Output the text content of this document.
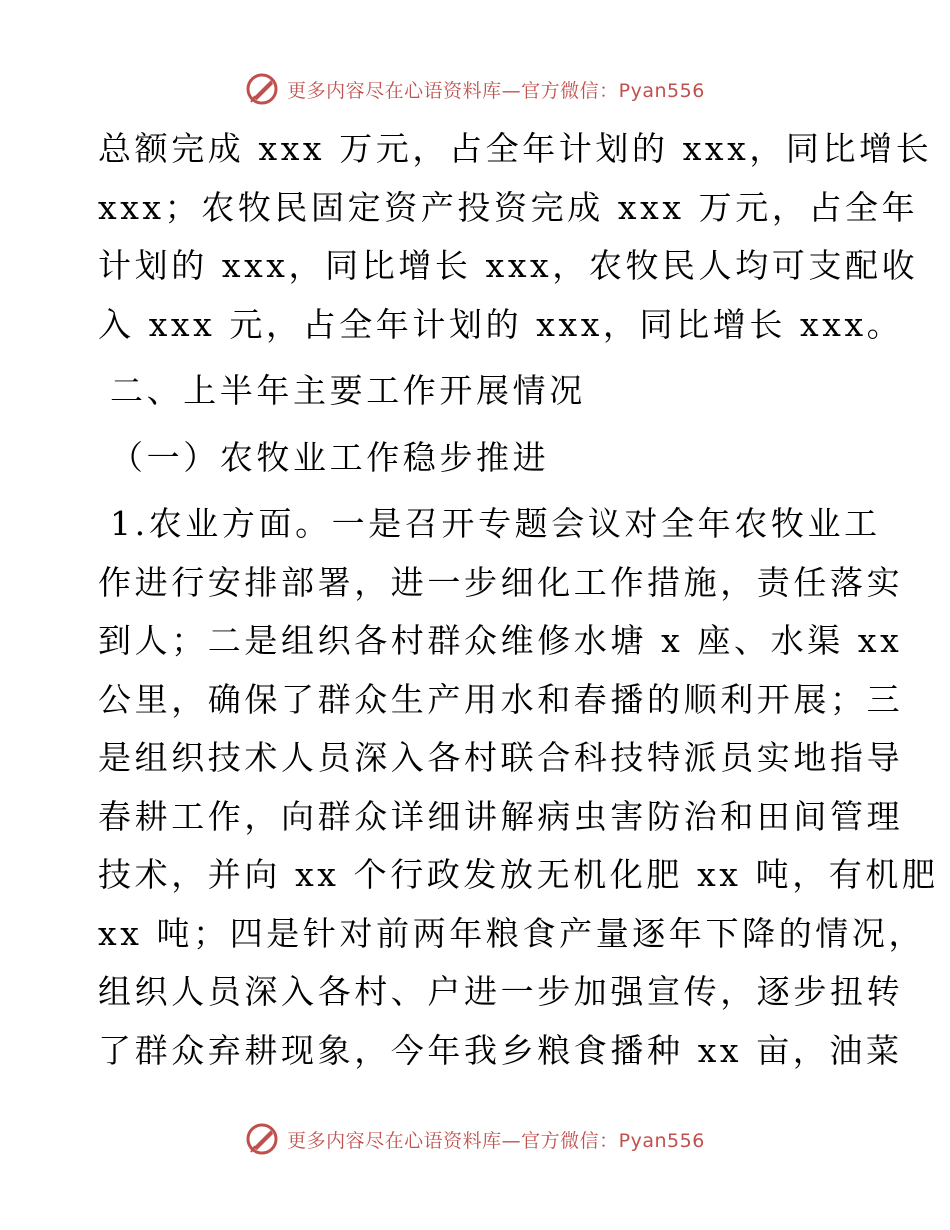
更多内容尽在心语资料库—官方微信：Pyan556
总额完成 xxx 万元，占全年计划的 xxx，同比增长
xxx；农牧民固定资产投资完成 xxx 万元，占全年
计划的 xxx，同比增长 xxx，农牧民人均可支配收
入 xxx 元，占全年计划的 xxx，同比增长 xxx。
二、上半年主要工作开展情况
（一）农牧业工作稳步推进
1.农业方面。一是召开专题会议对全年农牧业工
作进行安排部署，进一步细化工作措施，责任落实
到人；二是组织各村群众维修水塘 x 座、水渠 xx
公里，确保了群众生产用水和春播的顺利开展；三
是组织技术人员深入各村联合科技特派员实地指导
春耕工作，向群众详细讲解病虫害防治和田间管理
技术，并向 xx 个行政发放无机化肥 xx 吨，有机肥
xx 吨；四是针对前两年粮食产量逐年下降的情况，
组织人员深入各村、户进一步加强宣传，逐步扭转
了群众弃耕现象，今年我乡粮食播种 xx 亩，油菜
更多内容尽在心语资料库—官方微信：Pyan556
